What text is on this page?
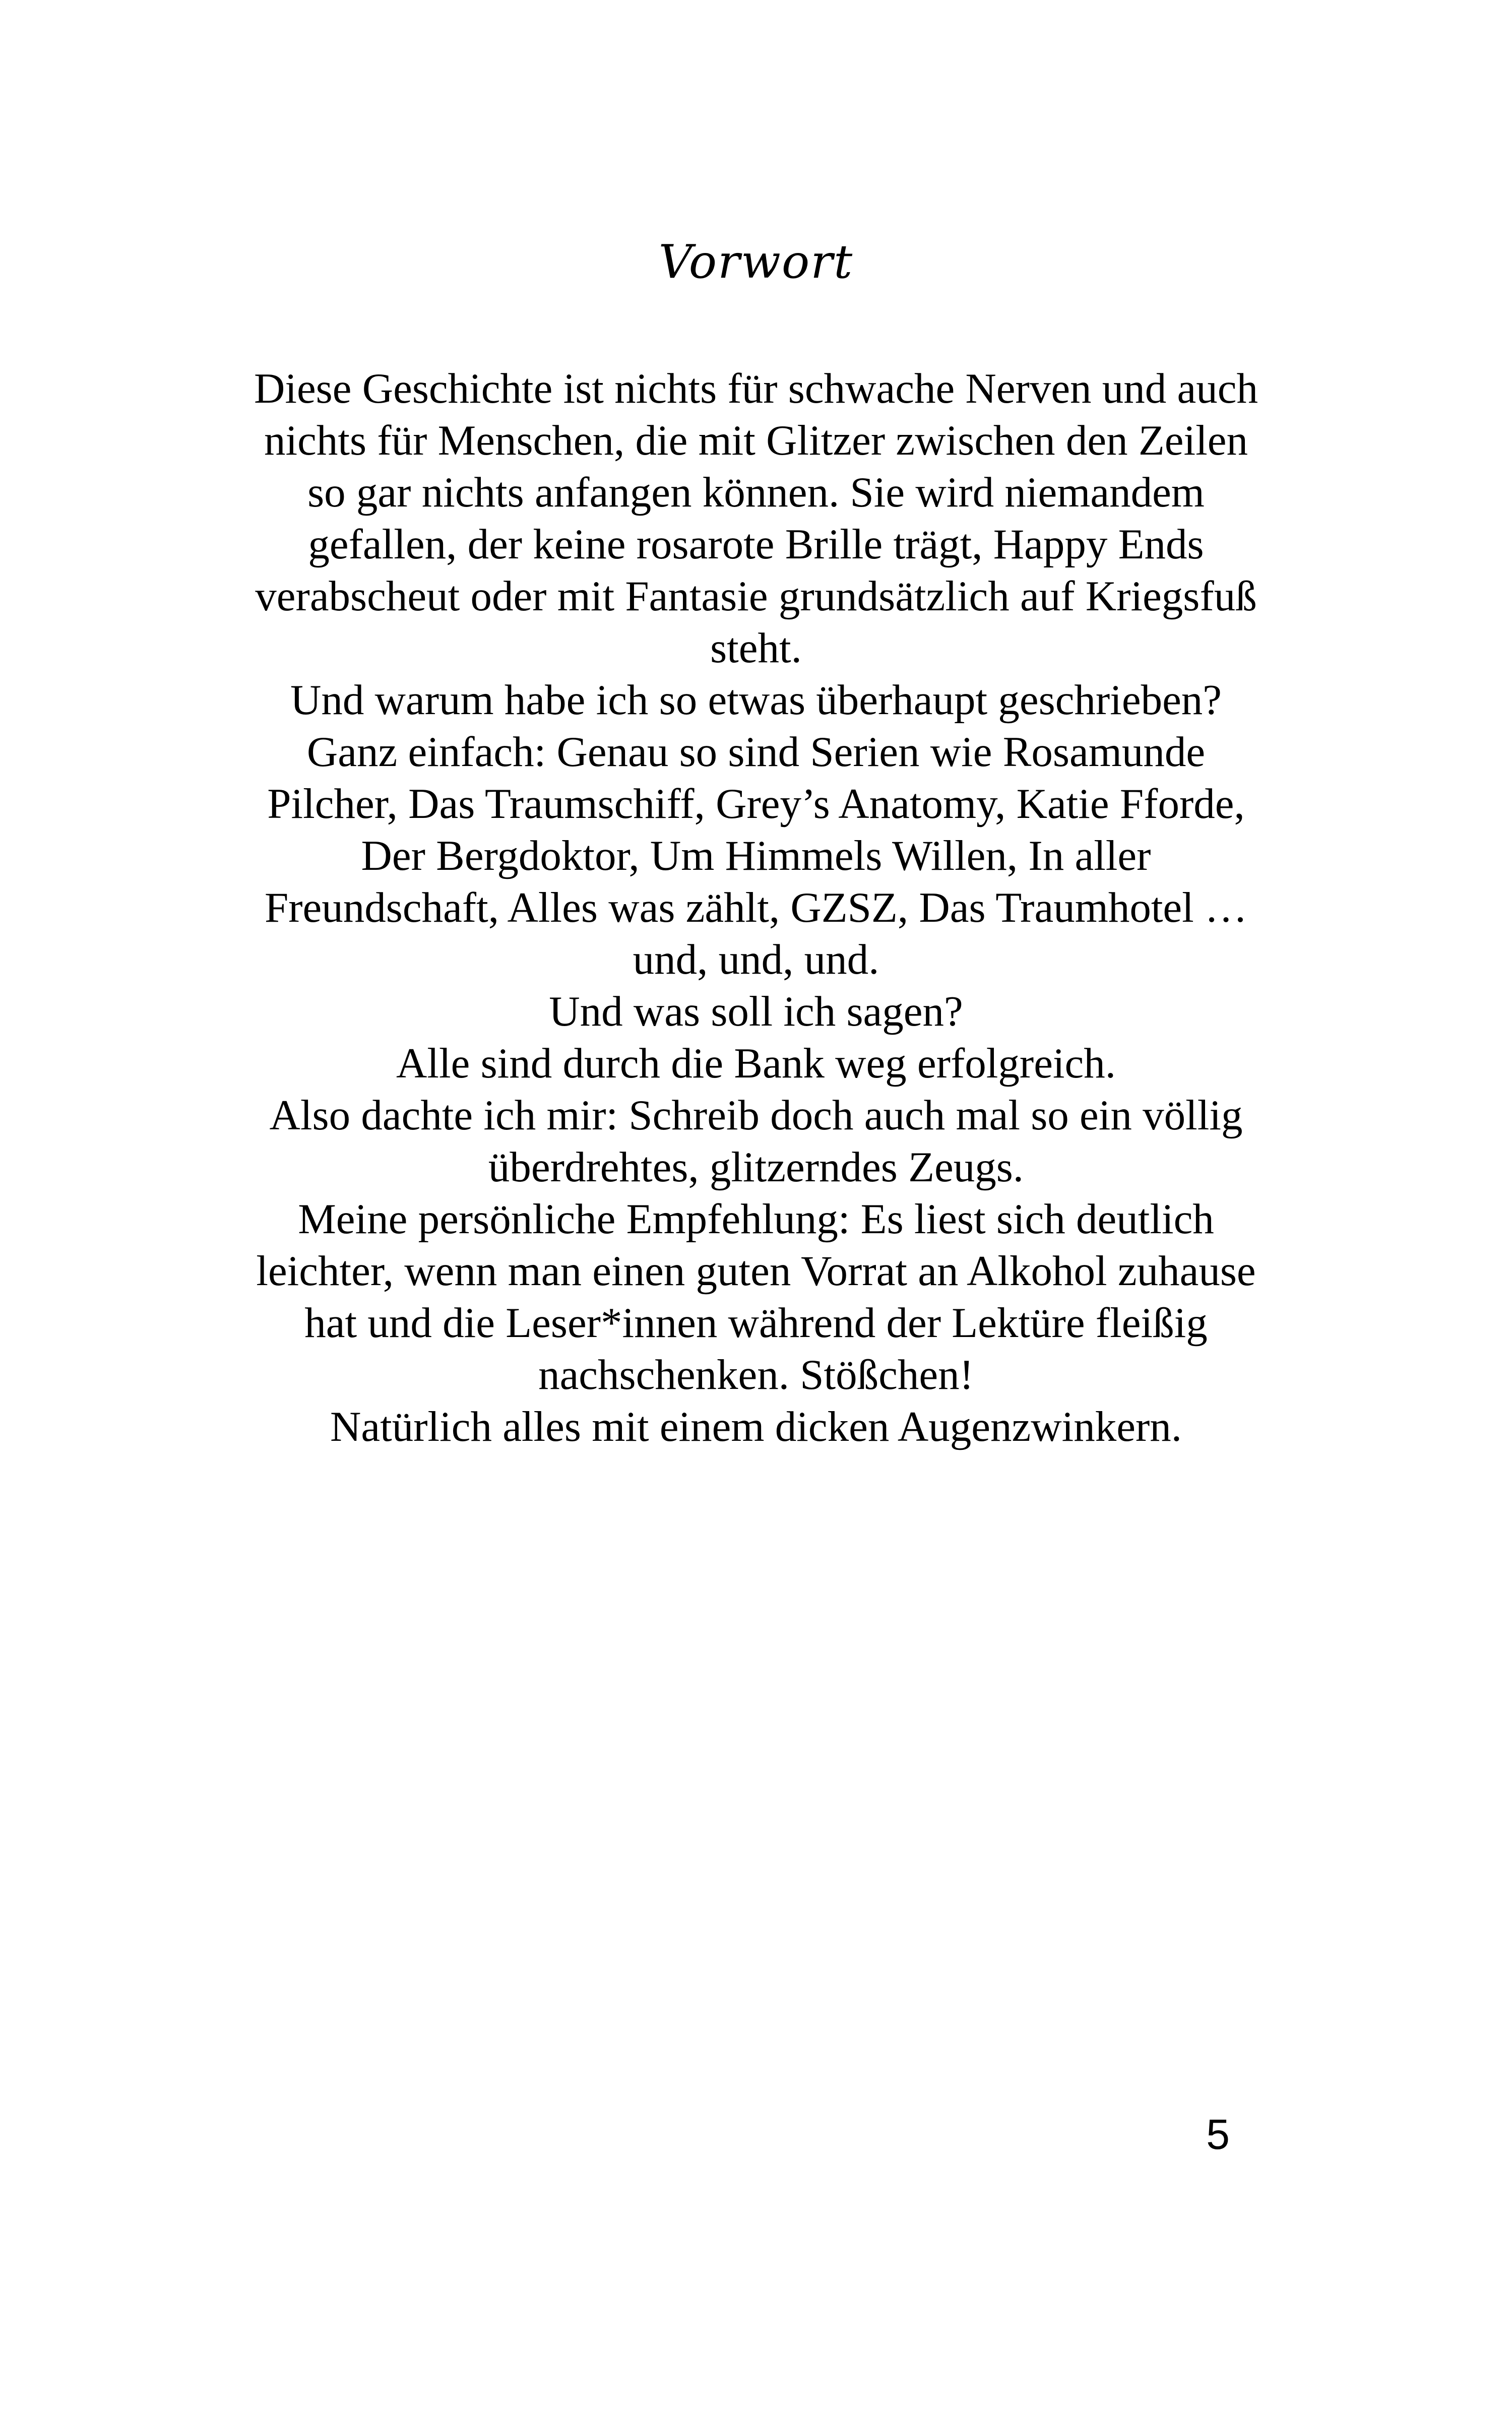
Vorwort
Diese Geschichte ist nichts für schwache Nerven und auch
nichts für Menschen, die mit Glitzer zwischen den Zeilen
so gar nichts anfangen können. Sie wird niemandem
gefallen, der keine rosarote Brille trägt, Happy Ends
verabscheut oder mit Fantasie grundsätzlich auf Kriegsfuß
steht.
Und warum habe ich so etwas überhaupt geschrieben?
Ganz einfach: Genau so sind Serien wie Rosamunde
Pilcher, Das Traumschiff, Grey’s Anatomy, Katie Fforde,
Der Bergdoktor, Um Himmels Willen, In aller
Freundschaft, Alles was zählt, GZSZ, Das Traumhotel …
und, und, und.
Und was soll ich sagen?
Alle sind durch die Bank weg erfolgreich.
Also dachte ich mir: Schreib doch auch mal so ein völlig
überdrehtes, glitzerndes Zeugs.
Meine persönliche Empfehlung: Es liest sich deutlich
leichter, wenn man einen guten Vorrat an Alkohol zuhause
hat und die Leser*innen während der Lektüre fleißig
nachschenken. Stößchen!
Natürlich alles mit einem dicken Augenzwinkern.
5
